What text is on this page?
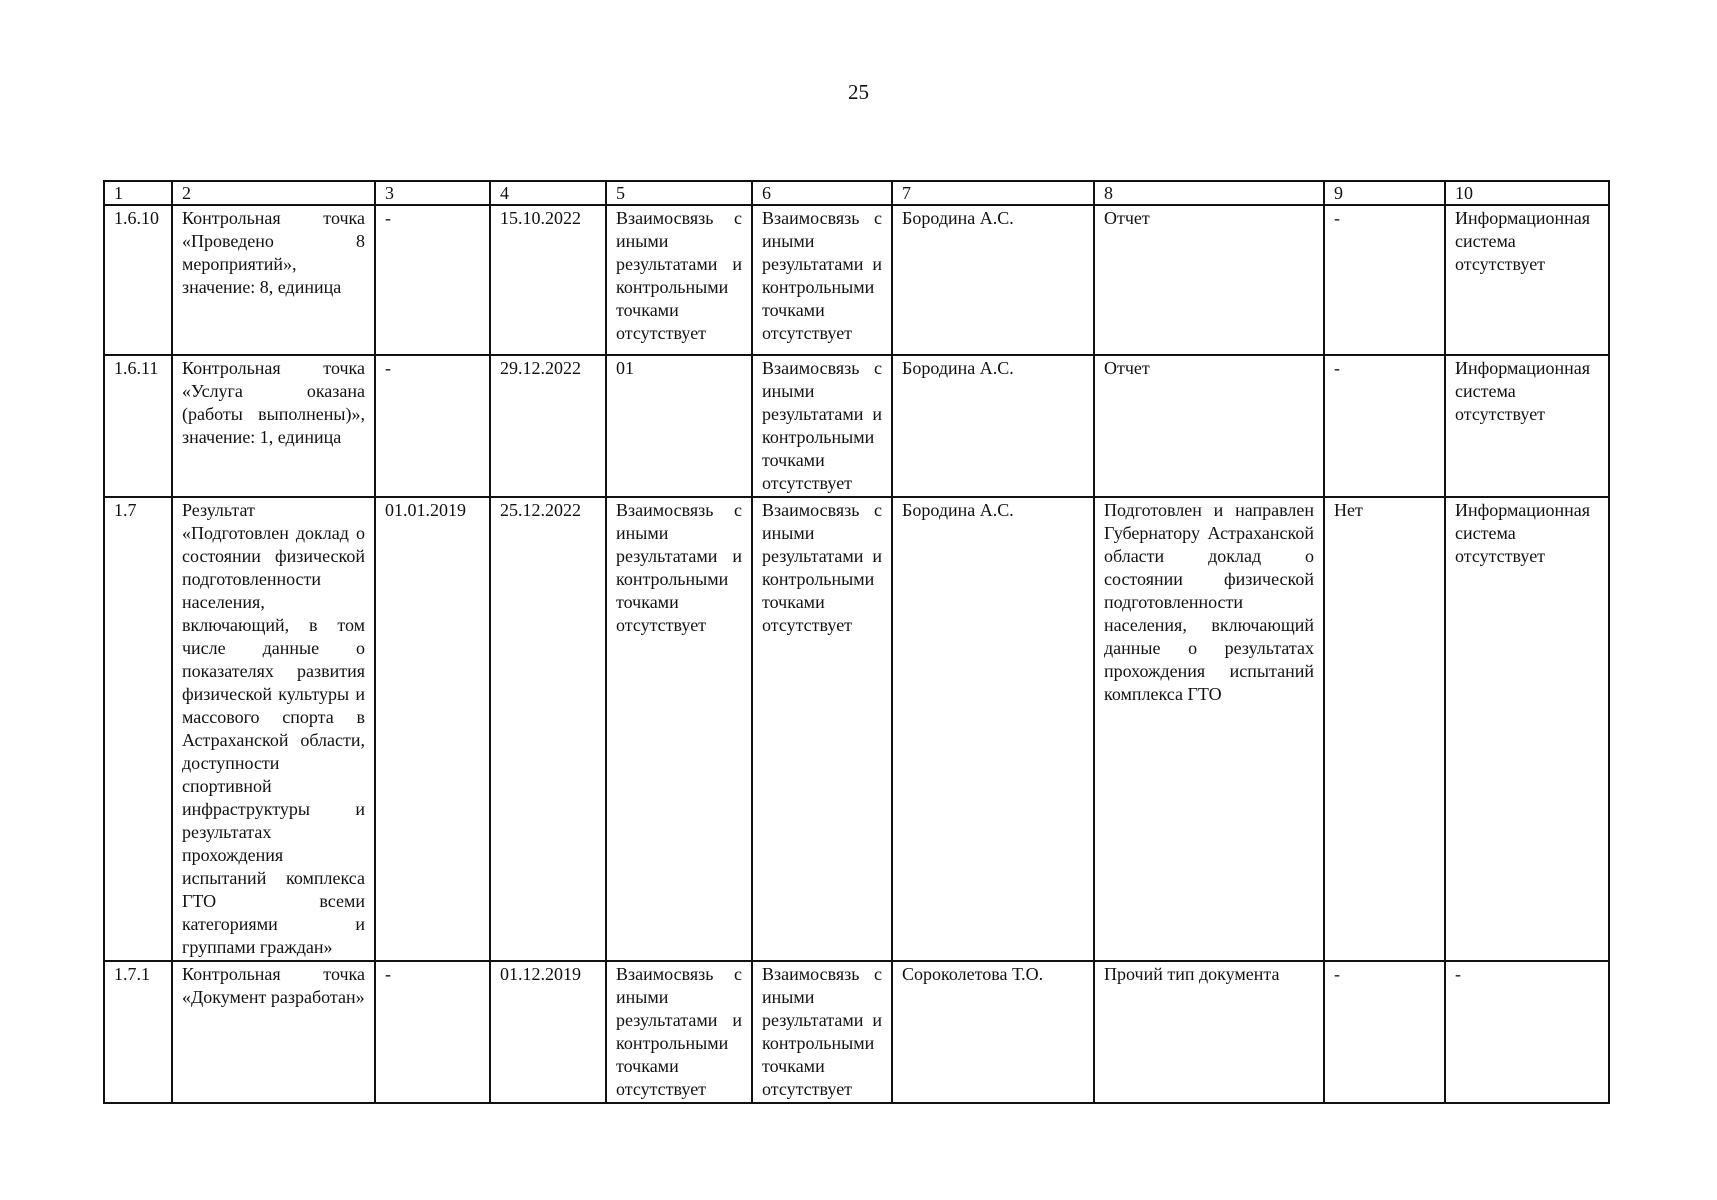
25
1	2	3	4	5	6	7	8	9	10
1.6.10	Контрольная точка «Проведено 8 мероприятий», значение: 8, единица	-	15.10.2022	Взаимосвязь с иными результатами и контрольными точками отсутствует	Взаимосвязь с иными результатами и контрольными точками отсутствует	Бородина А.С.	Отчет	-	Информационная система отсутствует
1.6.11	Контрольная точка «Услуга оказана (работы выполнены)», значение: 1, единица	-	29.12.2022	01	Взаимосвязь с иными результатами и контрольными точками отсутствует	Бородина А.С.	Отчет	-	Информационная система отсутствует
1.7	Результат «Подготовлен доклад о состоянии физической подготовленности населения, включающий, в том числе данные о показателях развития физической культуры и массового спорта в Астраханской области, доступности спортивной инфраструктуры и результатах прохождения испытаний комплекса ГТО всеми категориями и группами граждан»	01.01.2019	25.12.2022	Взаимосвязь с иными результатами и контрольными точками отсутствует	Взаимосвязь с иными результатами и контрольными точками отсутствует	Бородина А.С.	Подготовлен и направлен Губернатору Астраханской области доклад о состоянии физической подготовленности населения, включающий данные о результатах прохождения испытаний комплекса ГТО	Нет	Информационная система отсутствует
1.7.1	Контрольная точка «Документ разработан»	-	01.12.2019	Взаимосвязь с иными результатами и контрольными точками отсутствует	Взаимосвязь с иными результатами и контрольными точками отсутствует	Сороколетова Т.О.	Прочий тип документа	-	-
